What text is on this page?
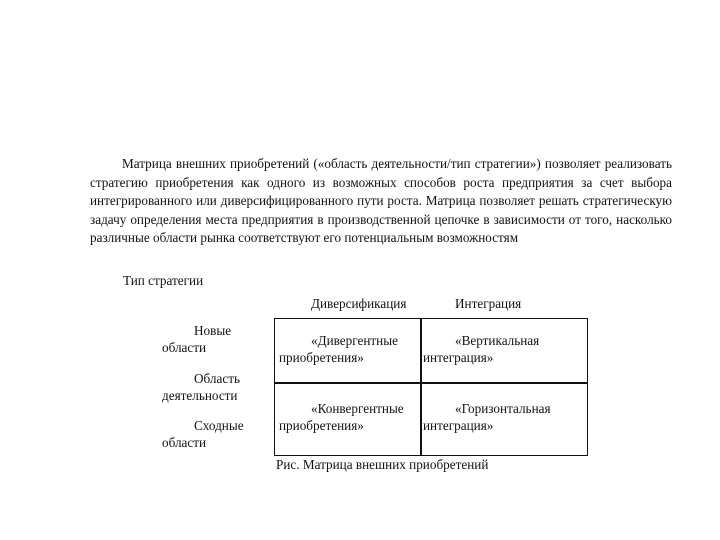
Матрица внешних приобретений («область деятельности/тип стратегии») позволяет реализовать стратегию приобретения как одного из возможных способов роста предприятия за счет выбора интегрированного или диверсифицированного пути роста. Матрица позволяет решать стратегическую задачу определения места предприятия в производственной цепочке в зависимости от того, насколько различные области рынка соответствуют его потенциальным возможностям

Тип стратегии
Диверсификация	Интеграция
Новые области
Область деятельности
Сходные области
«Дивергентные приобретения»
«Вертикальная интеграция»
«Конвергентные приобретения»
«Горизонтальная интеграция»
Рис. Матрица внешних приобретений
